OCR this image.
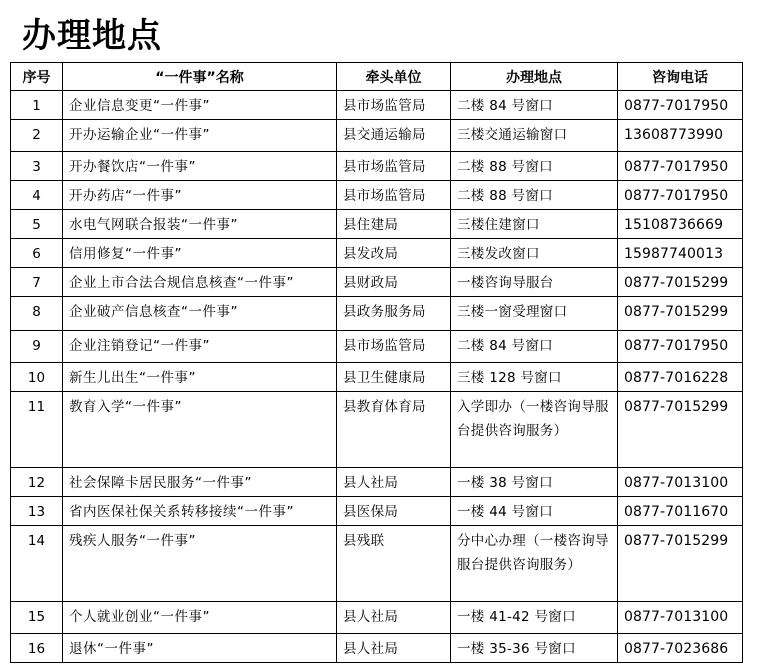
办理地点
序号	“一件事”名称	牵头单位	办理地点	咨询电话
1	企业信息变更“一件事”	县市场监管局	二楼 84 号窗口	0877-7017950
2	开办运输企业“一件事”	县交通运输局	三楼交通运输窗口	13608773990
3	开办餐饮店“一件事”	县市场监管局	二楼 88 号窗口	0877-7017950
4	开办药店“一件事”	县市场监管局	二楼 88 号窗口	0877-7017950
5	水电气网联合报装“一件事”	县住建局	三楼住建窗口	15108736669
6	信用修复“一件事”	县发改局	三楼发改窗口	15987740013
7	企业上市合法合规信息核查“一件事”	县财政局	一楼咨询导服台	0877-7015299
8	企业破产信息核查“一件事”	县政务服务局	三楼一窗受理窗口	0877-7015299
9	企业注销登记“一件事”	县市场监管局	二楼 84 号窗口	0877-7017950
10	新生儿出生“一件事”	县卫生健康局	三楼 128 号窗口	0877-7016228
11	教育入学“一件事”	县教育体育局	入学即办（一楼咨询导服台提供咨询服务）	0877-7015299
12	社会保障卡居民服务“一件事”	县人社局	一楼 38 号窗口	0877-7013100
13	省内医保社保关系转移接续“一件事”	县医保局	一楼 44 号窗口	0877-7011670
14	残疾人服务“一件事”	县残联	分中心办理（一楼咨询导服台提供咨询服务）	0877-7015299
15	个人就业创业“一件事”	县人社局	一楼 41-42 号窗口	0877-7013100
16	退休“一件事”	县人社局	一楼 35-36 号窗口	0877-7023686
